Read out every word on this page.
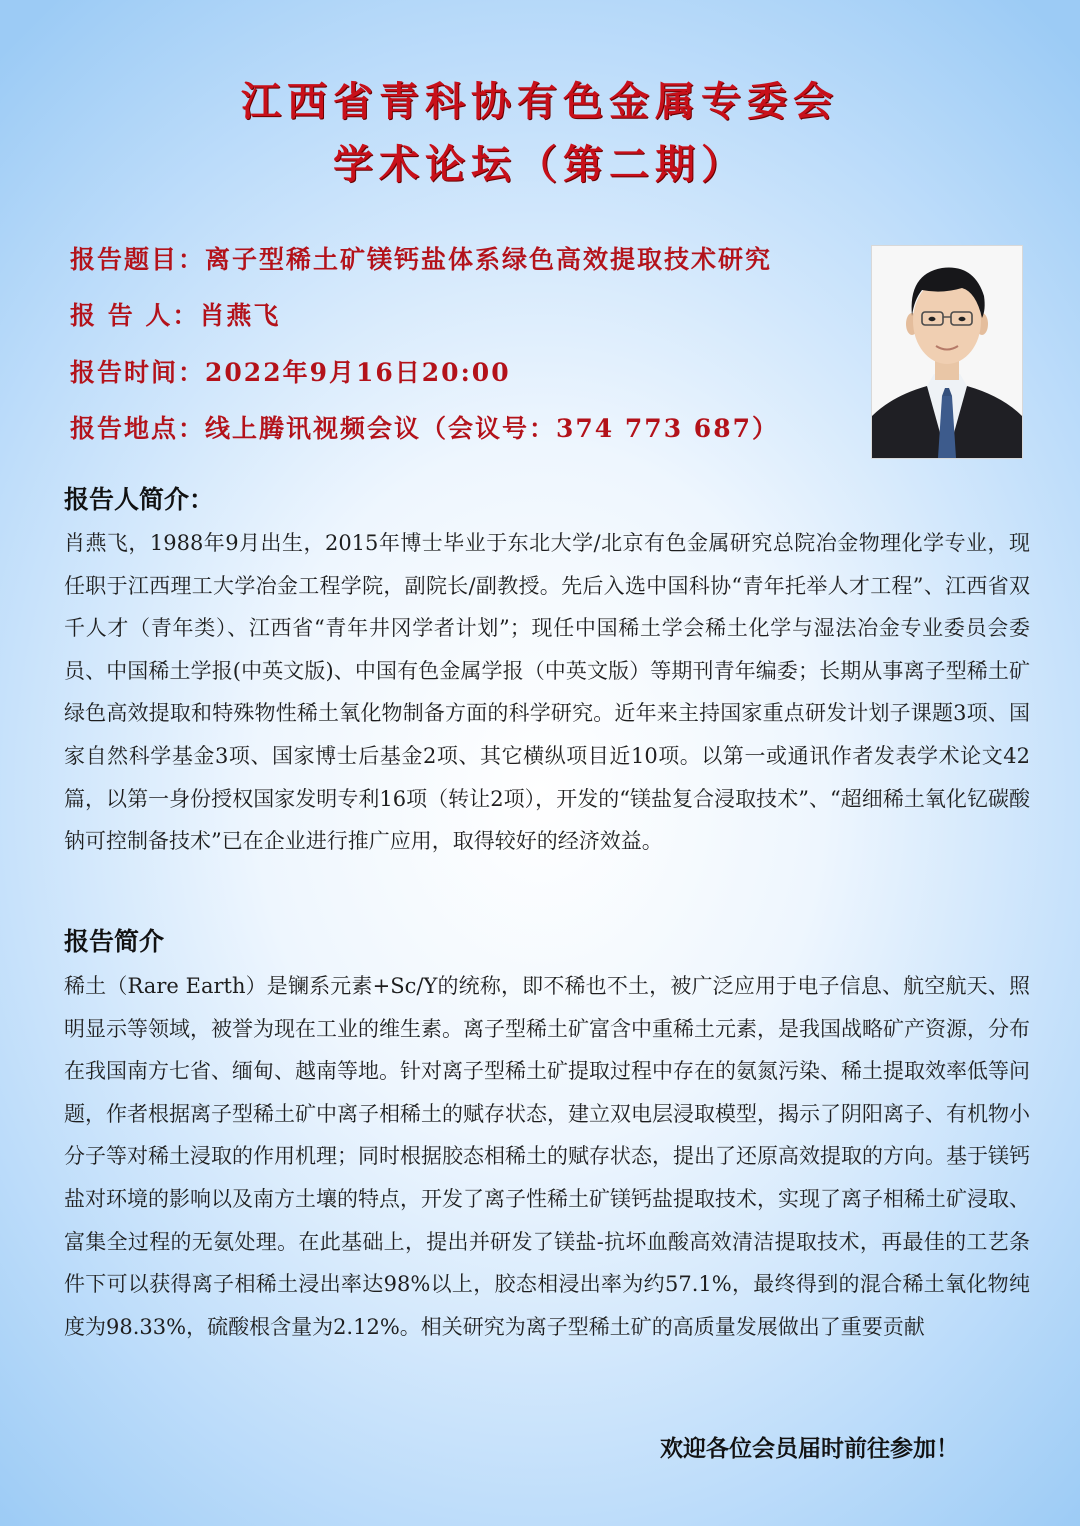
江西省青科协有色金属专委会
学术论坛（第二期）
报告题目：离子型稀土矿镁钙盐体系绿色高效提取技术研究
报 告 人：肖燕飞
报告时间：2022年9月16日20:00
报告地点：线上腾讯视频会议（会议号：374 773 687）
报告人简介：
肖燕飞，1988年9月出生，2015年博士毕业于东北大学/北京有色金属研究总院冶金物理化学专业，现任职于江西理工大学冶金工程学院，副院长/副教授。先后入选中国科协“青年托举人才工程”、江西省双千人才（青年类）、江西省“青年井冈学者计划”；现任中国稀土学会稀土化学与湿法冶金专业委员会委员、中国稀土学报(中英文版)、中国有色金属学报（中英文版）等期刊青年编委；长期从事离子型稀土矿绿色高效提取和特殊物性稀土氧化物制备方面的科学研究。近年来主持国家重点研发计划子课题3项、国家自然科学基金3项、国家博士后基金2项、其它横纵项目近10项。以第一或通讯作者发表学术论文42篇，以第一身份授权国家发明专利16项（转让2项），开发的“镁盐复合浸取技术”、“超细稀土氧化钇碳酸钠可控制备技术”已在企业进行推广应用，取得较好的经济效益。
报告简介
稀土（Rare Earth）是镧系元素+Sc/Y的统称，即不稀也不土，被广泛应用于电子信息、航空航天、照明显示等领域，被誉为现在工业的维生素。离子型稀土矿富含中重稀土元素，是我国战略矿产资源，分布在我国南方七省、缅甸、越南等地。针对离子型稀土矿提取过程中存在的氨氮污染、稀土提取效率低等问题，作者根据离子型稀土矿中离子相稀土的赋存状态，建立双电层浸取模型，揭示了阴阳离子、有机物小分子等对稀土浸取的作用机理；同时根据胶态相稀土的赋存状态，提出了还原高效提取的方向。基于镁钙盐对环境的影响以及南方土壤的特点，开发了离子性稀土矿镁钙盐提取技术，实现了离子相稀土矿浸取、富集全过程的无氨处理。在此基础上，提出并研发了镁盐-抗坏血酸高效清洁提取技术，再最佳的工艺条件下可以获得离子相稀土浸出率达98%以上，胶态相浸出率为约57.1%，最终得到的混合稀土氧化物纯度为98.33%，硫酸根含量为2.12%。相关研究为离子型稀土矿的高质量发展做出了重要贡献
欢迎各位会员届时前往参加！
